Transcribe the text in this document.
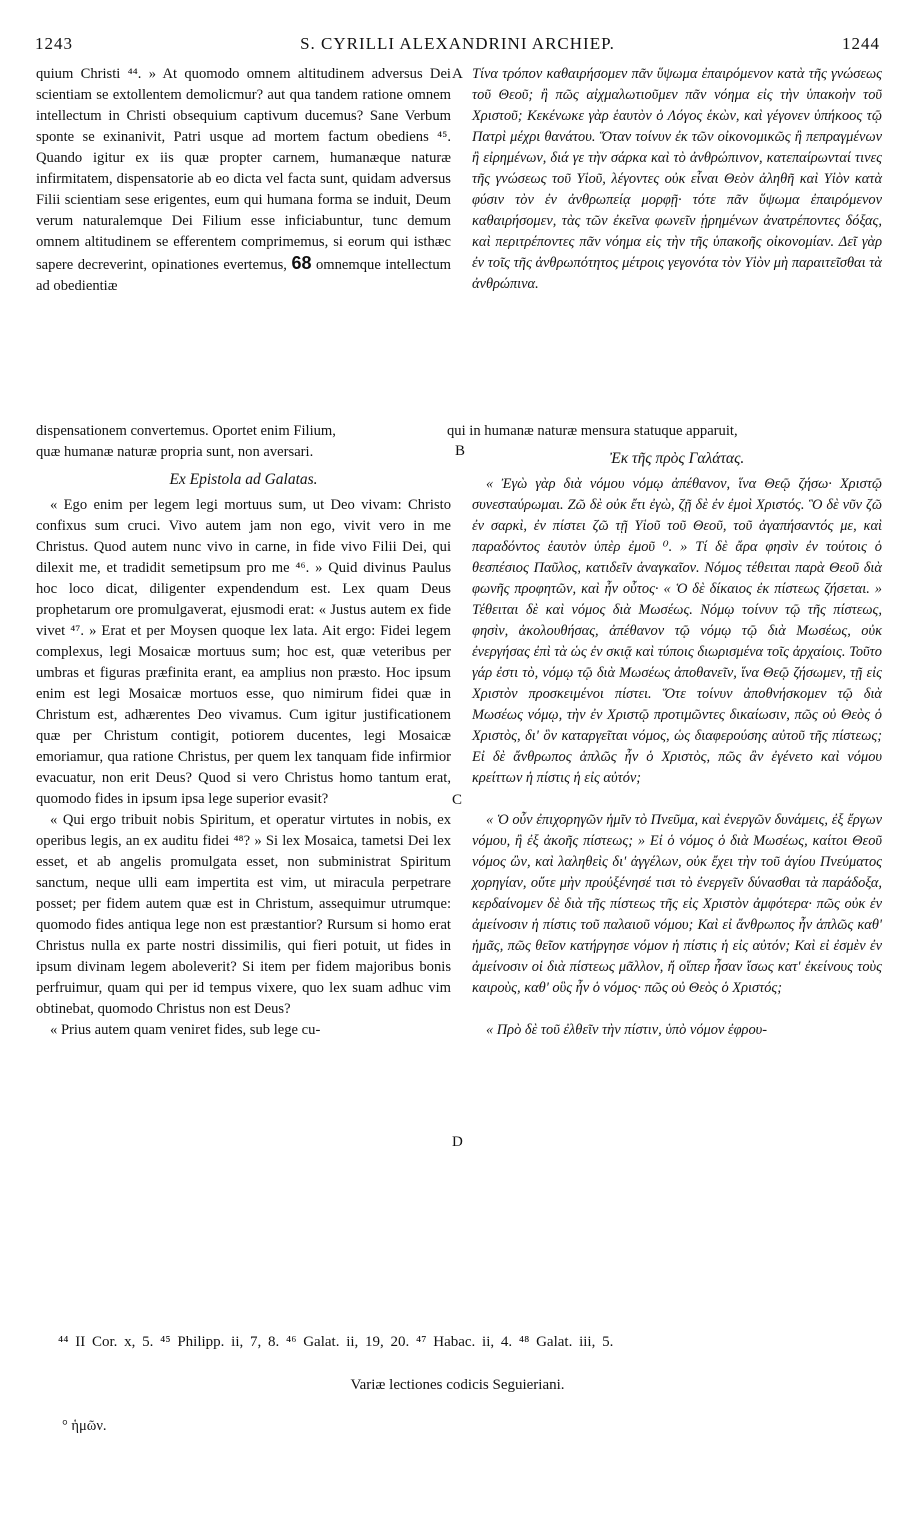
1243	S. CYRILLI ALEXANDRINI ARCHIEP.	1244
A
B
C
D

quium Christi ⁴⁴. » At quomodo omnem altitudinem adversus Dei scientiam se extollentem demolicmur? aut qua tandem ratione omnem intellectum in Christi obsequium captivum ducemus? Sane Verbum sponte se exinanivit, Patri usque ad mortem factum obediens ⁴⁵. Quando igitur ex iis quæ propter carnem, humanæque naturæ infirmitatem, dispensatorie ab eo dicta vel facta sunt, quidam adversus Filii scientiam sese erigentes, eum qui humana forma se induit, Deum verum naturalemque Dei Filium esse inficiabuntur, tunc demum omnem altitudinem se efferentem comprimemus, si eorum qui isthæc sapere decreverint, opinationes evertemus, 68 omnemque intellectum ad obedientiæ

Τίνα τρόπον καθαιρήσομεν πᾶν ὕψωμα ἐπαιρόμενον κατὰ τῆς γνώσεως τοῦ Θεοῦ; ἢ πῶς αἰχμαλωτιοῦμεν πᾶν νόημα εἰς τὴν ὑπακοὴν τοῦ Χριστοῦ; Κεκένωκε γὰρ ἑαυτὸν ὁ Λόγος ἑκὼν, καὶ γέγονεν ὑπήκοος τῷ Πατρὶ μέχρι θανάτου. Ὅταν τοίνυν ἐκ τῶν οἰκονομικῶς ἢ πεπραγμένων ἢ εἰρημένων, διά γε τὴν σάρκα καὶ τὸ ἀνθρώπινον, κατεπαίρωνταί τινες τῆς γνώσεως τοῦ Υἱοῦ, λέγοντες οὐκ εἶναι Θεὸν ἀληθῆ καὶ Υἱὸν κατὰ φύσιν τὸν ἐν ἀνθρωπείᾳ μορφῇ· τότε πᾶν ὕψωμα ἐπαιρόμενον καθαιρήσομεν, τὰς τῶν ἐκεῖνα φωνεῖν ᾑρημένων ἀνατρέποντες δόξας, καὶ περιτρέποντες πᾶν νόημα εἰς τὴν τῆς ὑπακοῆς οἰκονομίαν. Δεῖ γὰρ ἐν τοῖς τῆς ἀνθρωπότητος μέτροις γεγονότα τὸν Υἱὸν μὴ παραιτεῖσθαι τὰ ἀνθρώπινα.

dispensationem convertemus. Oportet enim Filium,	qui in humanæ naturæ mensura statuque apparuit,

quæ humanæ naturæ propria sunt, non aversari.

Ex Epistola ad Galatas.

« Ego enim per legem legi mortuus sum, ut Deo vivam: Christo confixus sum cruci. Vivo autem jam non ego, vivit vero in me Christus. Quod autem nunc vivo in carne, in fide vivo Filii Dei, qui dilexit me, et tradidit semetipsum pro me ⁴⁶. » Quid divinus Paulus hoc loco dicat, diligenter expendendum est. Lex quam Deus prophetarum ore promulgaverat, ejusmodi erat: « Justus autem ex fide vivet ⁴⁷. » Erat et per Moysen quoque lex lata. Ait ergo: Fidei legem complexus, legi Mosaicæ mortuus sum; hoc est, quæ veteribus per umbras et figuras præfinita erant, ea amplius non præsto. Hoc ipsum enim est legi Mosaicæ mortuos esse, quo nimirum fidei quæ in Christum est, adhærentes Deo vivamus. Cum igitur justificationem quæ per Christum contigit, potiorem ducentes, legi Mosaicæ emoriamur, qua ratione Christus, per quem lex tanquam fide infirmior evacuatur, non erit Deus? Quod si vero Christus homo tantum erat, quomodo fides in ipsum ipsa lege superior evasit?

« Qui ergo tribuit nobis Spiritum, et operatur virtutes in nobis, ex operibus legis, an ex auditu fidei ⁴⁸? » Si lex Mosaica, tametsi Dei lex esset, et ab angelis promulgata esset, non subministrat Spiritum sanctum, neque ulli eam impertita est vim, ut miracula perpetrare posset; per fidem autem quæ est in Christum, assequimur utrumque: quomodo fides antiqua lege non est præstantior? Rursum si homo erat Christus nulla ex parte nostri dissimilis, qui fieri potuit, ut fides in ipsum divinam legem aboleverit? Si item per fidem majoribus bonis perfruimur, quam qui per id tempus vixere, quo lex suam adhuc vim obtinebat, quomodo Christus non est Deus?

« Prius autem quam veniret fides, sub lege cu-

Ἐκ τῆς πρὸς Γαλάτας.

« Ἐγὼ γὰρ διὰ νόμου νόμῳ ἀπέθανον, ἵνα Θεῷ ζήσω· Χριστῷ συνεσταύρωμαι. Ζῶ δὲ οὐκ ἔτι ἐγὼ, ζῇ δὲ ἐν ἐμοὶ Χριστός. Ὃ δὲ νῦν ζῶ ἐν σαρκὶ, ἐν πίστει ζῶ τῇ Υἱοῦ τοῦ Θεοῦ, τοῦ ἀγαπήσαντός με, καὶ παραδόντος ἑαυτὸν ὑπὲρ ἐμοῦ ⁰. » Τί δὲ ἄρα φησὶν ἐν τούτοις ὁ θεσπέσιος Παῦλος, κατιδεῖν ἀναγκαῖον. Νόμος τέθειται παρὰ Θεοῦ διὰ φωνῆς προφητῶν, καὶ ἦν οὗτος· « Ὁ δὲ δίκαιος ἐκ πίστεως ζήσεται. » Τέθειται δὲ καὶ νόμος διὰ Μωσέως. Νόμῳ τοίνυν τῷ τῆς πίστεως, φησὶν, ἀκολουθήσας, ἀπέθανον τῷ νόμῳ τῷ διὰ Μωσέως, οὐκ ἐνεργήσας ἐπὶ τὰ ὡς ἐν σκιᾷ καὶ τύποις διωρισμένα τοῖς ἀρχαίοις. Τοῦτο γάρ ἐστι τὸ, νόμῳ τῷ διὰ Μωσέως ἀποθανεῖν, ἵνα Θεῷ ζήσωμεν, τῇ εἰς Χριστὸν προσκειμένοι πίστει. Ὅτε τοίνυν ἀποθνήσκομεν τῷ διὰ Μωσέως νόμῳ, τὴν ἐν Χριστῷ προτιμῶντες δικαίωσιν, πῶς οὐ Θεὸς ὁ Χριστὸς, δι' ὃν καταργεῖται νόμος, ὡς διαφερούσης αὐτοῦ τῆς πίστεως; Εἰ δὲ ἄνθρωπος ἁπλῶς ἦν ὁ Χριστὸς, πῶς ἂν ἐγένετο καὶ νόμου κρείττων ἡ πίστις ἡ εἰς αὐτόν;

« Ὁ οὖν ἐπιχορηγῶν ἡμῖν τὸ Πνεῦμα, καὶ ἐνεργῶν δυνάμεις, ἐξ ἔργων νόμου, ἢ ἐξ ἀκοῆς πίστεως; » Εἰ ὁ νόμος ὁ διὰ Μωσέως, καίτοι Θεοῦ νόμος ὢν, καὶ λαληθεὶς δι' ἀγγέλων, οὐκ ἔχει τὴν τοῦ ἁγίου Πνεύματος χορηγίαν, οὔτε μὴν προὐξένησέ τισι τὸ ἐνεργεῖν δύνασθαι τὰ παράδοξα, κερδαίνομεν δὲ διὰ τῆς πίστεως τῆς εἰς Χριστὸν ἀμφότερα· πῶς οὐκ ἐν ἀμείνοσιν ἡ πίστις τοῦ παλαιοῦ νόμου; Καὶ εἰ ἄνθρωπος ἦν ἁπλῶς καθ' ἡμᾶς, πῶς θεῖον κατήργησε νόμον ἡ πίστις ἡ εἰς αὐτόν; Καὶ εἰ ἐσμὲν ἐν ἀμείνοσιν οἱ διὰ πίστεως μᾶλλον, ἤ οἵπερ ἦσαν ἴσως κατ' ἐκείνους τοὺς καιροὺς, καθ' οὓς ἦν ὁ νόμος· πῶς οὐ Θεὸς ὁ Χριστός;

« Πρὸ δὲ τοῦ ἐλθεῖν τὴν πίστιν, ὑπὸ νόμον ἐφρου-

⁴⁴ II Cor. x, 5. ⁴⁵ Philipp. ii, 7, 8. ⁴⁶ Galat. ii, 19, 20. ⁴⁷ Habac. ii, 4. ⁴⁸ Galat. iii, 5.
Variæ lectiones codicis Seguieriani.
° ἡμῶν.
